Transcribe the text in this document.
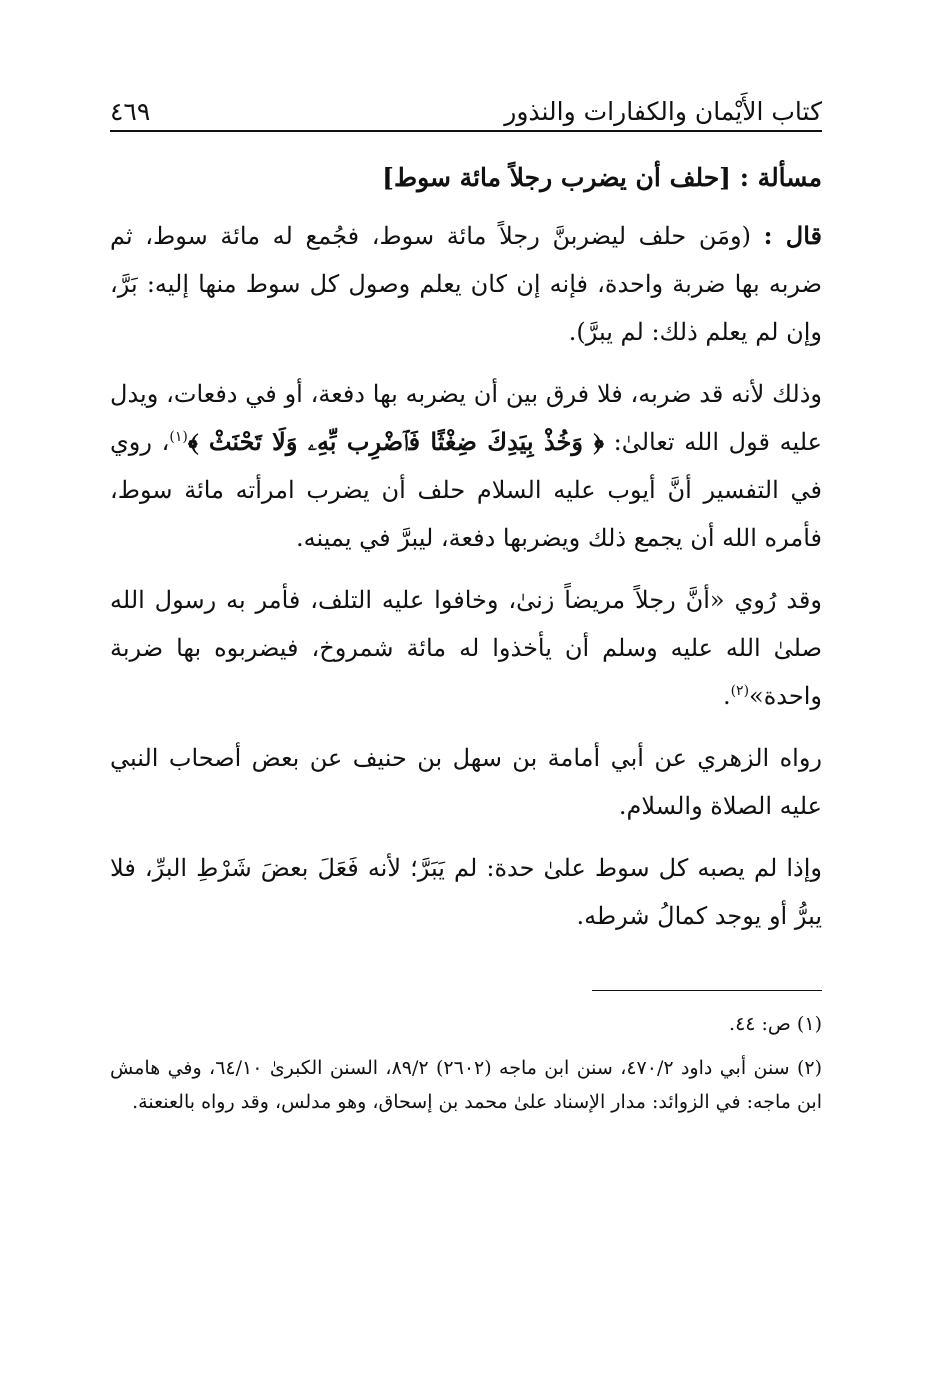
كتاب الأَيْمان والكفارات والنذور
٤٦٩
مسألة : [حلف أن يضرب رجلاً مائة سوط]
قال : (ومَن حلف ليضربنَّ رجلاً مائة سوط، فجُمع له مائة سوط، ثم ضربه بها ضربة واحدة، فإنه إن كان يعلم وصول كل سوط منها إليه: بَرَّ، وإن لم يعلم ذلك: لم يبرَّ).
وذلك لأنه قد ضربه، فلا فرق بين أن يضربه بها دفعة، أو في دفعات، ويدل عليه قول الله تعالىٰ: ﴿ وَخُذْ بِيَدِكَ ضِغْثًا فَٱضْرِب بِّهِۦ وَلَا تَحْنَثْ ﴾$^{(١)}$، روي في التفسير أنَّ أيوب عليه السلام حلف أن يضرب امرأته مائة سوط، فأمره الله أن يجمع ذلك ويضربها دفعة، ليبرَّ في يمينه.
وقد رُوي «أنَّ رجلاً مريضاً زنىٰ، وخافوا عليه التلف، فأمر به رسول الله صلىٰ الله عليه وسلم أن يأخذوا له مائة شمروخ، فيضربوه بها ضربة واحدة»$^{(٢)}$.
رواه الزهري عن أبي أمامة بن سهل بن حنيف عن بعض أصحاب النبي عليه الصلاة والسلام.
وإذا لم يصبه كل سوط علىٰ حدة: لم يَبَرَّ؛ لأنه فَعَلَ بعضَ شَرْطِ البرِّ، فلا يبرُّ أو يوجد كمالُ شرطه.
(١) ص: ٤٤.
(٢) سنن أبي داود ٤٧٠/٢، سنن ابن ماجه (٢٦٠٢) ٨٩/٢، السنن الكبرىٰ ٦٤/١٠، وفي هامش ابن ماجه: في الزوائد: مدار الإسناد علىٰ محمد بن إسحاق، وهو مدلس، وقد رواه بالعنعنة.
